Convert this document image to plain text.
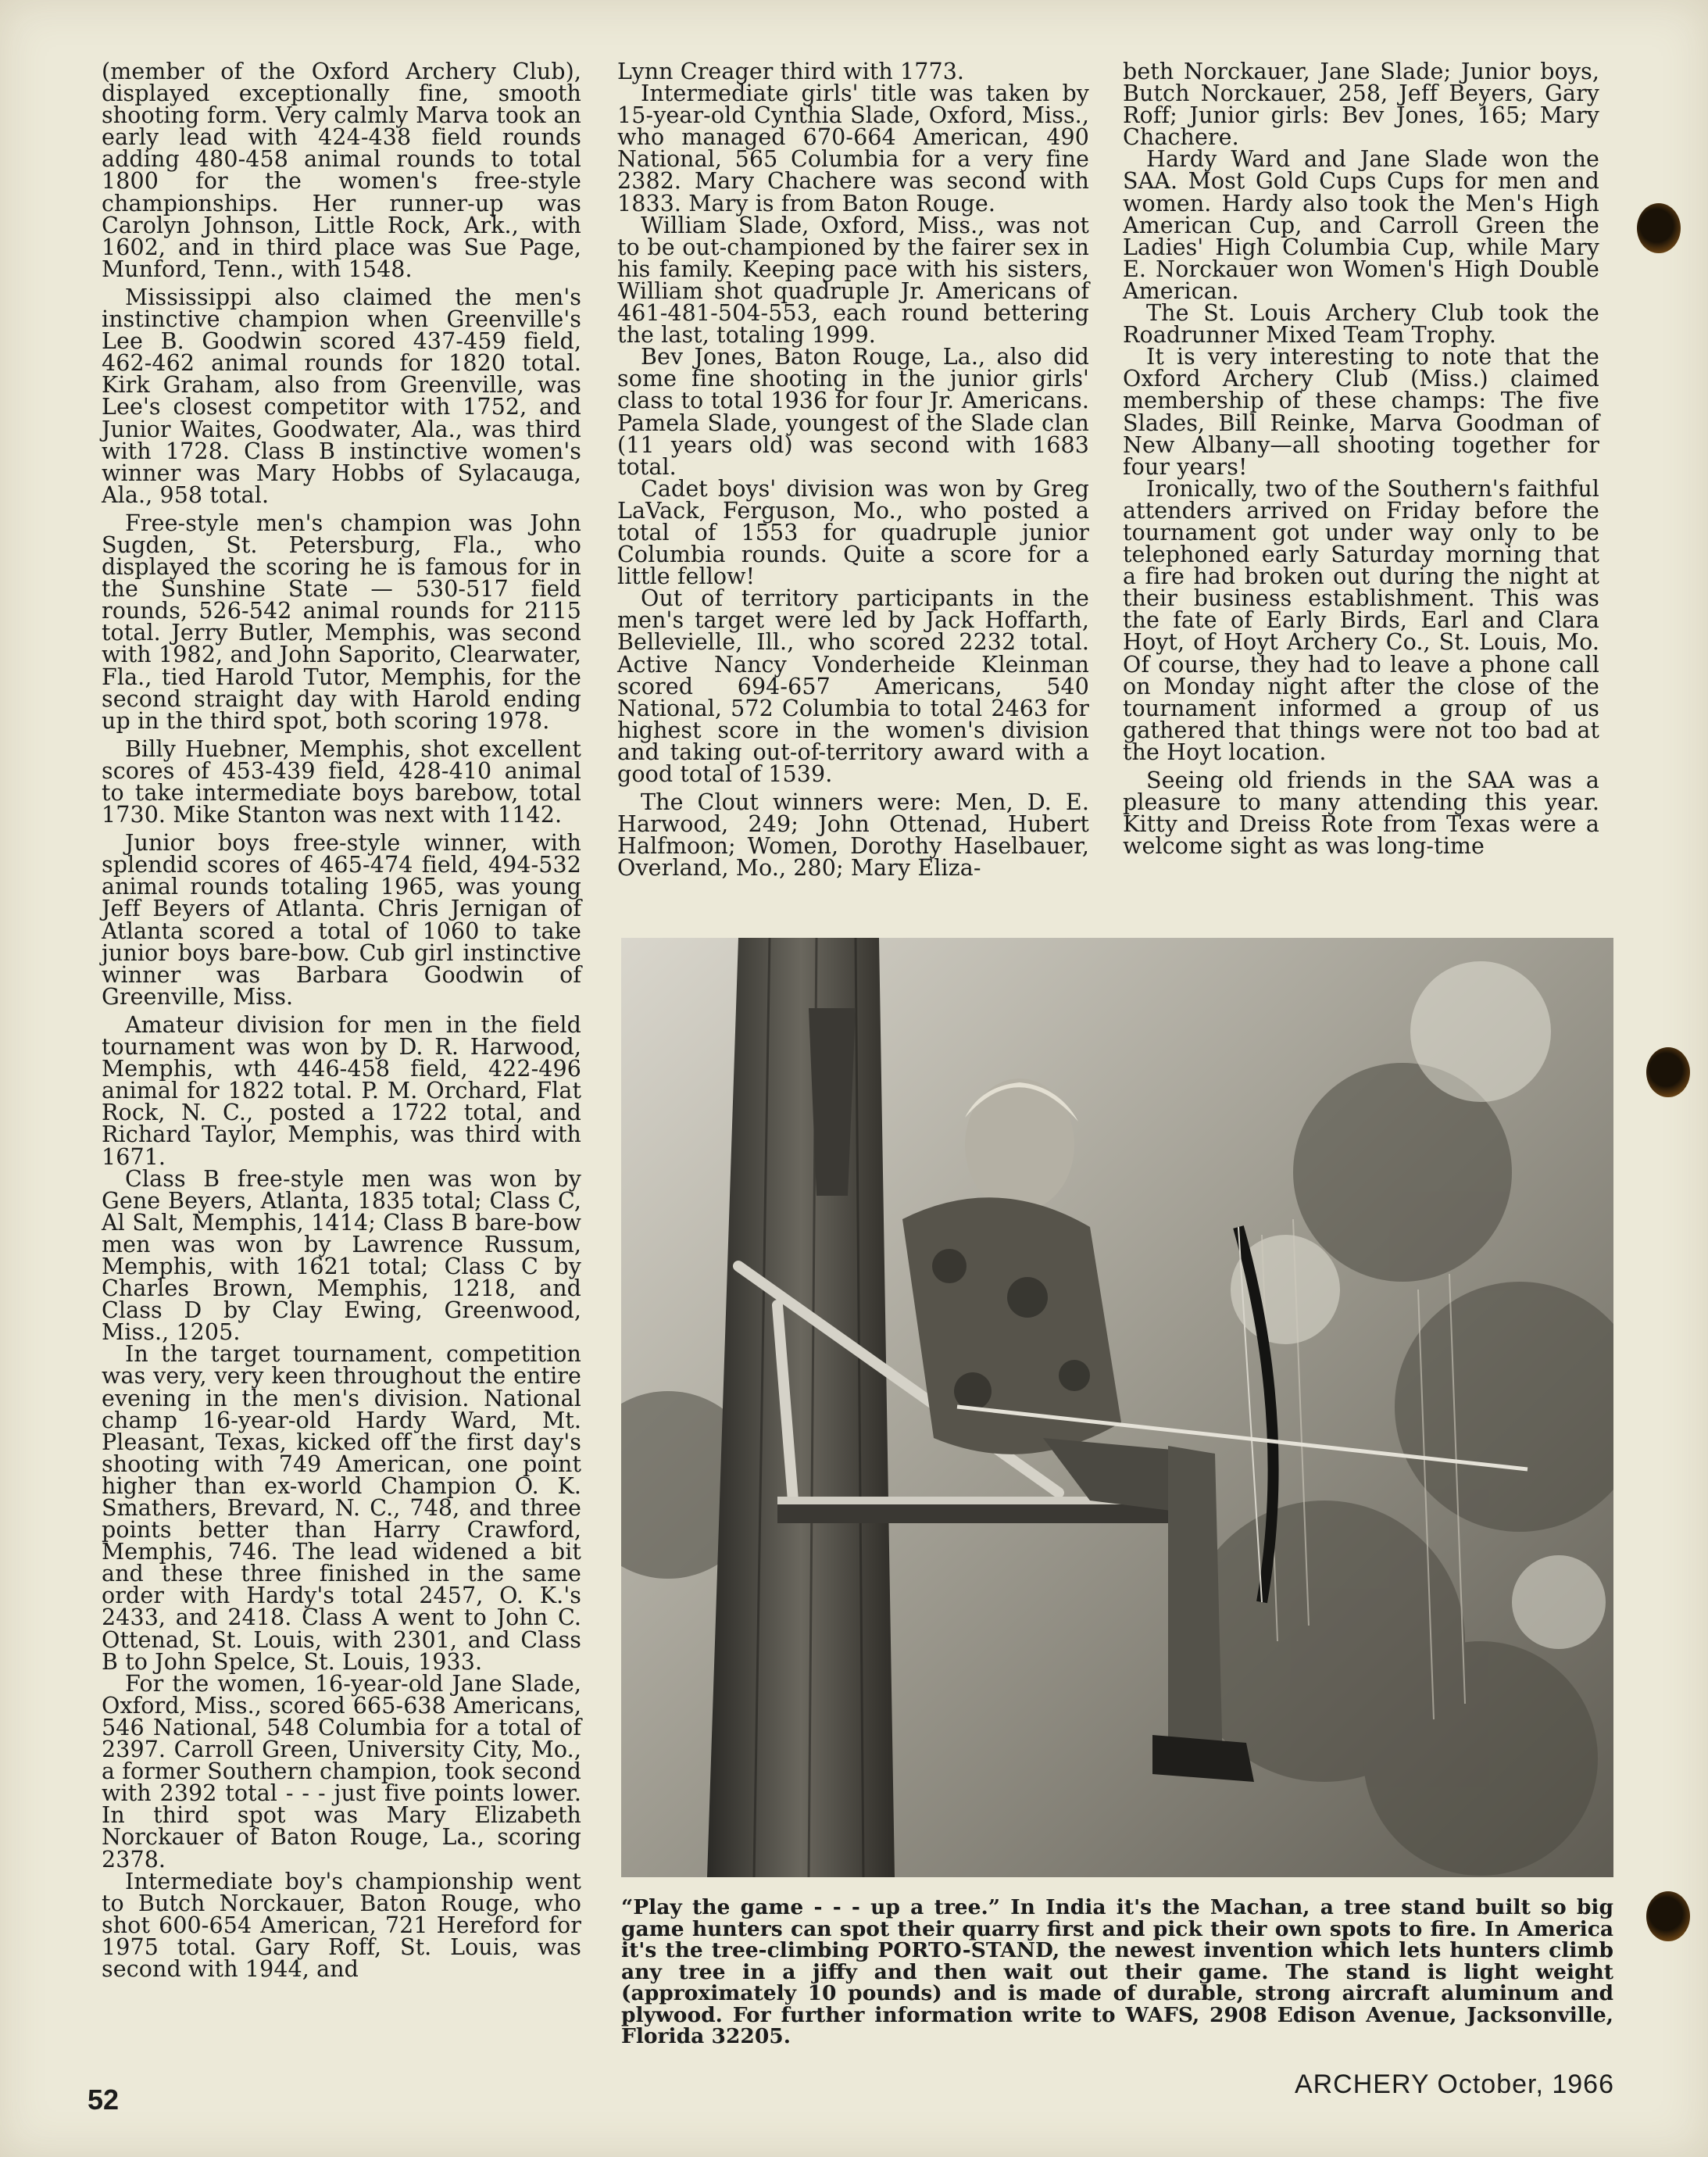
(member of the Oxford Archery Club), displayed exceptionally fine, smooth shooting form. Very calmly Marva took an early lead with 424-438 field rounds adding 480-458 animal rounds to total 1800 for the women's free-style championships. Her runner-up was Carolyn Johnson, Little Rock, Ark., with 1602, and in third place was Sue Page, Munford, Tenn., with 1548.

Mississippi also claimed the men's instinctive champion when Greenville's Lee B. Goodwin scored 437-459 field, 462-462 animal rounds for 1820 total. Kirk Graham, also from Greenville, was Lee's closest competitor with 1752, and Junior Waites, Goodwater, Ala., was third with 1728. Class B instinctive women's winner was Mary Hobbs of Sylacauga, Ala., 958 total.

Free-style men's champion was John Sugden, St. Petersburg, Fla., who displayed the scoring he is famous for in the Sunshine State — 530-517 field rounds, 526-542 animal rounds for 2115 total. Jerry Butler, Memphis, was second with 1982, and John Saporito, Clearwater, Fla., tied Harold Tutor, Memphis, for the second straight day with Harold ending up in the third spot, both scoring 1978.

Billy Huebner, Memphis, shot excellent scores of 453-439 field, 428-410 animal to take intermediate boys barebow, total 1730. Mike Stanton was next with 1142.

Junior boys free-style winner, with splendid scores of 465-474 field, 494-532 animal rounds totaling 1965, was young Jeff Beyers of Atlanta. Chris Jernigan of Atlanta scored a total of 1060 to take junior boys bare-bow. Cub girl instinctive winner was Barbara Goodwin of Greenville, Miss.

Amateur division for men in the field tournament was won by D. R. Harwood, Memphis, wth 446-458 field, 422-496 animal for 1822 total. P. M. Orchard, Flat Rock, N. C., posted a 1722 total, and Richard Taylor, Memphis, was third with 1671.

Class B free-style men was won by Gene Beyers, Atlanta, 1835 total; Class C, Al Salt, Memphis, 1414; Class B bare-bow men was won by Lawrence Russum, Memphis, with 1621 total; Class C by Charles Brown, Memphis, 1218, and Class D by Clay Ewing, Greenwood, Miss., 1205.

In the target tournament, competition was very, very keen throughout the entire evening in the men's division. National champ 16-year-old Hardy Ward, Mt. Pleasant, Texas, kicked off the first day's shooting with 749 American, one point higher than ex-world Champion O. K. Smathers, Brevard, N. C., 748, and three points better than Harry Crawford, Memphis, 746. The lead widened a bit and these three finished in the same order with Hardy's total 2457, O. K.'s 2433, and 2418. Class A went to John C. Ottenad, St. Louis, with 2301, and Class B to John Spelce, St. Louis, 1933.

For the women, 16-year-old Jane Slade, Oxford, Miss., scored 665-638 Americans, 546 National, 548 Columbia for a total of 2397. Carroll Green, University City, Mo., a former Southern champion, took second with 2392 total - - - just five points lower. In third spot was Mary Elizabeth Norckauer of Baton Rouge, La., scoring 2378.

Intermediate boy's championship went to Butch Norckauer, Baton Rouge, who shot 600-654 American, 721 Hereford for 1975 total. Gary Roff, St. Louis, was second with 1944, and

Lynn Creager third with 1773.

Intermediate girls' title was taken by 15-year-old Cynthia Slade, Oxford, Miss., who managed 670-664 American, 490 National, 565 Columbia for a very fine 2382. Mary Chachere was second with 1833. Mary is from Baton Rouge.

William Slade, Oxford, Miss., was not to be out-championed by the fairer sex in his family. Keeping pace with his sisters, William shot quadruple Jr. Americans of 461-481-504-553, each round bettering the last, totaling 1999.

Bev Jones, Baton Rouge, La., also did some fine shooting in the junior girls' class to total 1936 for four Jr. Americans. Pamela Slade, youngest of the Slade clan (11 years old) was second with 1683 total.

Cadet boys' division was won by Greg LaVack, Ferguson, Mo., who posted a total of 1553 for quadruple junior Columbia rounds. Quite a score for a little fellow!

Out of territory participants in the men's target were led by Jack Hoffarth, Bellevielle, Ill., who scored 2232 total. Active Nancy Vonderheide Kleinman scored 694-657 Americans, 540 National, 572 Columbia to total 2463 for highest score in the women's division and taking out-of-territory award with a good total of 1539.

The Clout winners were: Men, D. E. Harwood, 249; John Ottenad, Hubert Halfmoon; Women, Dorothy Haselbauer, Overland, Mo., 280; Mary Eliza-

beth Norckauer, Jane Slade; Junior boys, Butch Norckauer, 258, Jeff Beyers, Gary Roff; Junior girls: Bev Jones, 165; Mary Chachere.

Hardy Ward and Jane Slade won the SAA. Most Gold Cups Cups for men and women. Hardy also took the Men's High American Cup, and Carroll Green the Ladies' High Columbia Cup, while Mary E. Norckauer won Women's High Double American.

The St. Louis Archery Club took the Roadrunner Mixed Team Trophy.

It is very interesting to note that the Oxford Archery Club (Miss.) claimed membership of these champs: The five Slades, Bill Reinke, Marva Goodman of New Albany—all shooting together for four years!

Ironically, two of the Southern's faithful attenders arrived on Friday before the tournament got under way only to be telephoned early Saturday morning that a fire had broken out during the night at their business establishment. This was the fate of Early Birds, Earl and Clara Hoyt, of Hoyt Archery Co., St. Louis, Mo. Of course, they had to leave a phone call on Monday night after the close of the tournament informed a group of us gathered that things were not too bad at the Hoyt location.

Seeing old friends in the SAA was a pleasure to many attending this year. Kitty and Dreiss Rote from Texas were a welcome sight as was long-time

“Play the game - - - up a tree.” In India it's the Machan, a tree stand built so big game hunters can spot their quarry first and pick their own spots to fire. In America it's the tree-climbing PORTO-STAND, the newest invention which lets hunters climb any tree in a jiffy and then wait out their game. The stand is light weight (approximately 10 pounds) and is made of durable, strong aircraft aluminum and plywood. For further information write to WAFS, 2908 Edison Avenue, Jacksonville, Florida 32205.
52	ARCHERY October, 1966
